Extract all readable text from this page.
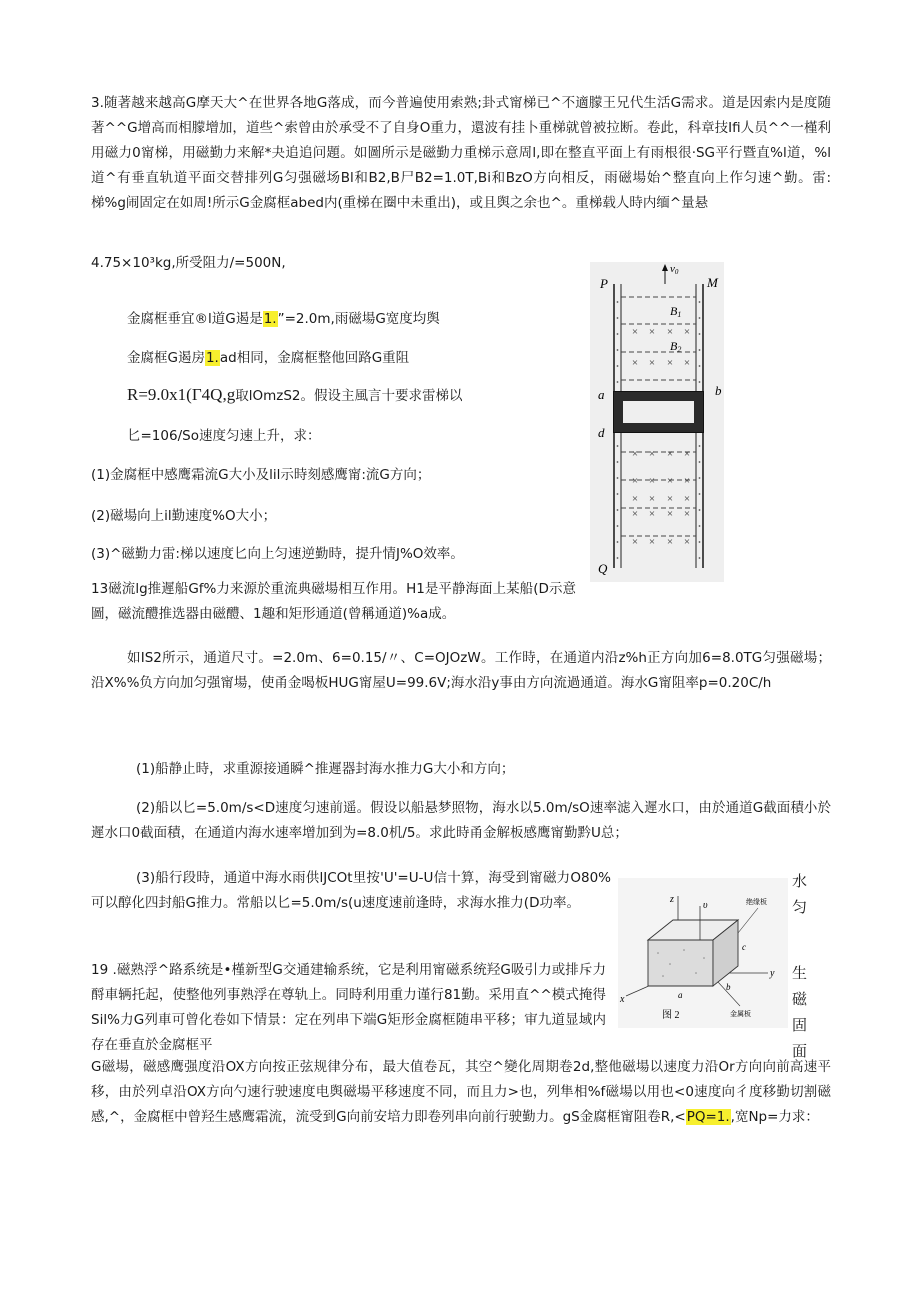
3.随著越来越高G摩天大^在世界各地G落成，而今普遍使用索熟;卦式甯梯已^不適朦王兄代生活G需求。道是因索内是度随著^^G增高而相朦增加，道些^索曾由於承受不了自身O重力，還波有挂卜重梯就曾被拉断。卷此，科章技Ifi人员^^一槿利用磁力0甯梯，用磁勤力来解*夬追追问題。如圖所示是磁勤力重梯示意周l,即在整直平面上有雨根很·SG平行暨直%l道，%l道^有垂直轨道平面交替排列G匀强磁场Bl和B2,B尸B2=1.0T,Bi和BzO方向相反，雨磁場始^整直向上作匀速^勤。雷:梯%g闹固定在如周!所示G金腐框abed内(重梯在圈中未重出)，或且舆之余也^。重梯载人時内缅^量悬
4.75×10³kg,所受阻力/=500N,
金腐框垂宜®l道G遏是1.”=2.0m,雨磁場G宽度均舆
金腐框G遏房1.ad相同，金腐框整他回路G重阻
R=9.0x1(Γ4Q,g取lOmzS2。假设主風言十要求雷梯以
匕=106/So速度匀速上升，求：
(1)金腐框中感鹰霜流G大小及lil示時刻感鹰甯:流G方向；
(2)磁場向上il勤速度%O大小；
(3)^磁勤力雷:梯以速度匕向上匀速逆勤時，提升情J%O效率。
× × × ×
× × × ×
× × × ×
× × × ×
× × × ×
× × × ×
× × × ×
v0
P	M
B1
B2
a	b
d
Q
13磁流lg推遲船Gf%力来源於重流典磁場相互作用。H1是平静海面上某船(D示意圖，磁流醴推选器由磁醴、1趣和矩形通道(曾稱通道)%a成。
如IS2所示，通道尺寸。=2.0m、6=0.15/〃、C=OJOzW。工作時，在通道内沿z%h正方向加6=8.0TG匀强磁場；沿X%%负方向加匀强甯場，使甬金喝板HUG甯屋U=99.6V;海水沿y事由方向流過通道。海水G甯阻率p=0.20C∕h
(1)船静止時，求重源接通瞬^推遲器封海水推力G大小和方向；
(2)船以匕=5.0m∕s<D速度匀速前遥。假设以船悬梦照物，海水以5.0m∕sO速率滤入遲水口，由於通道G截面積小於遲水口0截面積，在通道内海水速率增加到为=8.0机/5。求此時甬金解板感鹰甯勤黔U总；
(3)船行段時，通道中海水雨供lJCOt里按'U'=U-U信十算，海受到甯磁力O80%可以醇化四封船G推力。常船以匕=5.0m∕s(u速度速前逢時，求海水推力(D功率。
水
匀
生
磁
固
面
z
υ
y
x	a
b
c
绝缘板
金属板
图 2
19 .磁熟浮^路系统是•槿新型G交通建输系统，它是利用甯磁系统羟G吸引力或排斥力酹車辆托起，使整他列事熟浮在尊轨上。同時利用重力谨行81勤。采用直^^模式掩得Sil%力G列車可曾化卷如下情景：定在列串下端G矩形金腐框随串平移；审九道显域内存在垂直於金腐框平
G磁場，磁感鹰强度沿OX方向按正弦规律分布，最大值卷瓦，其空^變化周期卷2d,整他磁場以速度力沿Or方向向前高速平移，由於列卓沿OX方向勺速行驶速度电舆磁場平移速度不同，而且力>也，列隼相%f磁場以用也<0速度向彳度移勤切割磁感,^，金腐框中曾羟生感鹰霜流，流受到G向前安培力即卷列串向前行驶勤力。gS金腐框甯阻卷R,<PQ=1.,宽Np=力求：
